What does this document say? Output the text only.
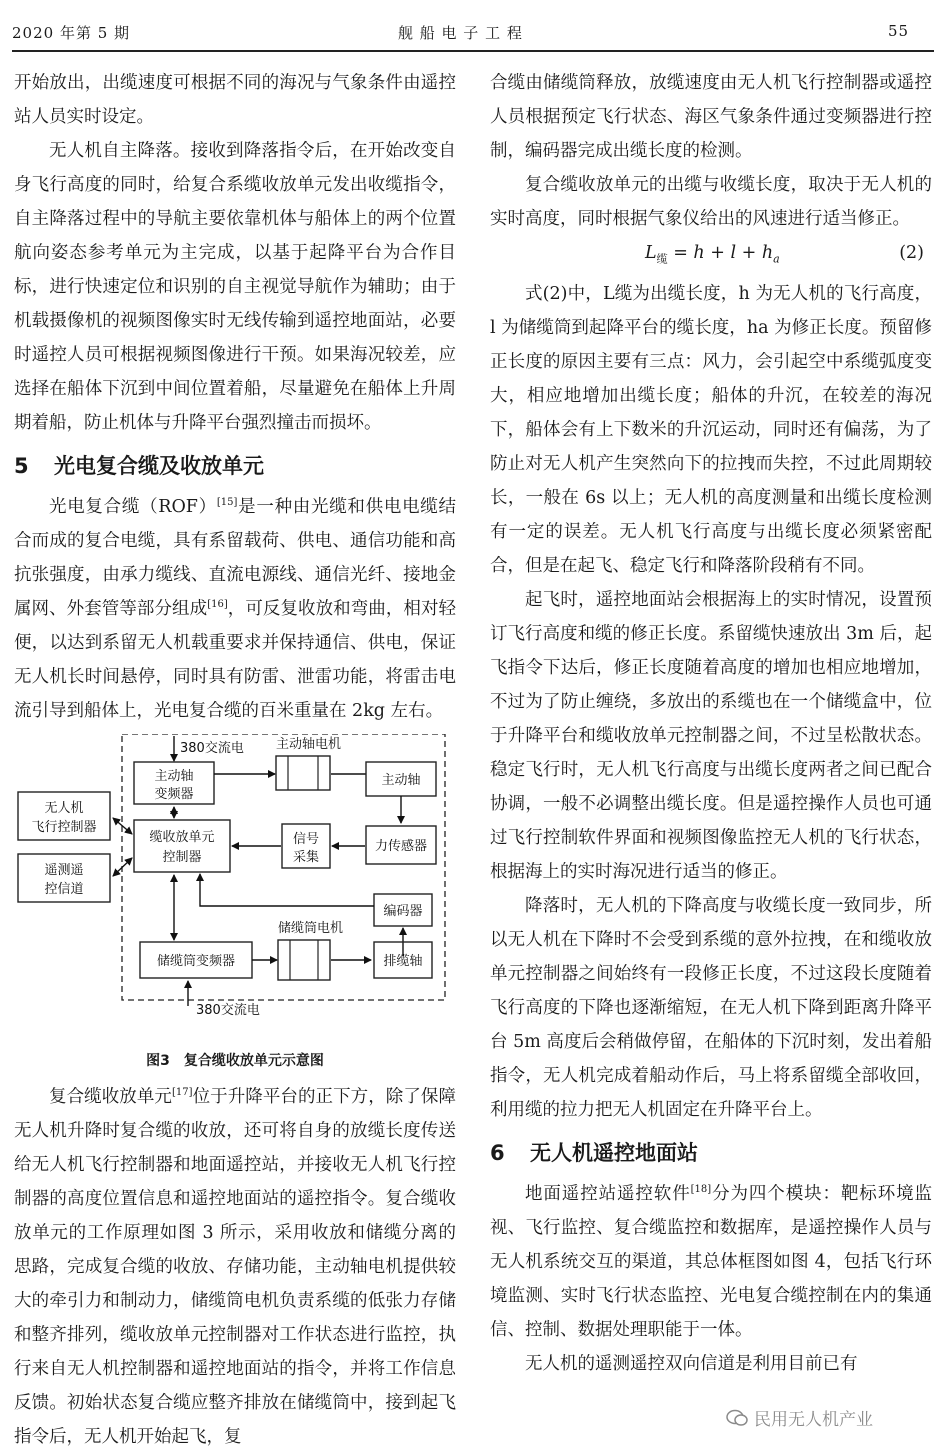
2020 年第 5 期	舰 船 电 子 工 程	55

开始放出，出缆速度可根据不同的海况与气象条件由遥控站人员实时设定。

无人机自主降落。接收到降落指令后，在开始改变自身飞行高度的同时，给复合系缆收放单元发出收缆指令，自主降落过程中的导航主要依靠机体与船体上的两个位置航向姿态参考单元为主完成，以基于起降平台为合作目标，进行快速定位和识别的自主视觉导航作为辅助；由于机载摄像机的视频图像实时无线传输到遥控地面站，必要时遥控人员可根据视频图像进行干预。如果海况较差，应选择在船体下沉到中间位置着船，尽量避免在船体上升周期着船，防止机体与升降平台强烈撞击而损坏。

5 光电复合缆及收放单元

光电复合缆（ROF）[15]是一种由光缆和供电电缆结合而成的复合电缆，具有系留载荷、供电、通信功能和高抗张强度，由承力缆线、直流电源线、通信光纤、接地金属网、外套管等部分组成[16]，可反复收放和弯曲，相对轻便，以达到系留无人机载重要求并保持通信、供电，保证无人机长时间悬停，同时具有防雷、泄雷功能，将雷击电流引导到船体上，光电复合缆的百米重量在 2kg 左右。

无人机
飞行控制器
遥测遥
控信道
主动轴
变频器
380交流电 主动轴电机
主动轴
缆收放单元
控制器
信号
采集
力传感器
编码器
储缆筒电机
储缆筒变频器	排缆轴
380交流电
图3　复合缆收放单元示意图

复合缆收放单元[17]位于升降平台的正下方，除了保障无人机升降时复合缆的收放，还可将自身的放缆长度传送给无人机飞行控制器和地面遥控站，并接收无人机飞行控制器的高度位置信息和遥控地面站的遥控指令。复合缆收放单元的工作原理如图 3 所示，采用收放和储缆分离的思路，完成复合缆的收放、存储功能，主动轴电机提供较大的牵引力和制动力，储缆筒电机负责系缆的低张力存储和整齐排列，缆收放单元控制器对工作状态进行监控，执行来自无人机控制器和遥控地面站的指令，并将工作信息反馈。初始状态复合缆应整齐排放在储缆筒中，接到起飞指令后，无人机开始起飞，复

合缆由储缆筒释放，放缆速度由无人机飞行控制器或遥控人员根据预定飞行状态、海区气象条件通过变频器进行控制，编码器完成出缆长度的检测。

复合缆收放单元的出缆与收缆长度，取决于无人机的实时高度，同时根据气象仪给出的风速进行适当修正。

$L_缆 = h + l + h_a$	(2)

式(2)中，L缆为出缆长度，h 为无人机的飞行高度，l 为储缆筒到起降平台的缆长度，ha 为修正长度。预留修正长度的原因主要有三点：风力，会引起空中系缆弧度变大，相应地增加出缆长度；船体的升沉，在较差的海况下，船体会有上下数米的升沉运动，同时还有偏荡，为了防止对无人机产生突然向下的拉拽而失控，不过此周期较长，一般在 6s 以上；无人机的高度测量和出缆长度检测有一定的误差。无人机飞行高度与出缆长度必须紧密配合，但是在起飞、稳定飞行和降落阶段稍有不同。

起飞时，遥控地面站会根据海上的实时情况，设置预订飞行高度和缆的修正长度。系留缆快速放出 3m 后，起飞指令下达后，修正长度随着高度的增加也相应地增加，不过为了防止缠绕，多放出的系缆也在一个储缆盒中，位于升降平台和缆收放单元控制器之间，不过呈松散状态。稳定飞行时，无人机飞行高度与出缆长度两者之间已配合协调，一般不必调整出缆长度。但是遥控操作人员也可通过飞行控制软件界面和视频图像监控无人机的飞行状态，根据海上的实时海况进行适当的修正。

降落时，无人机的下降高度与收缆长度一致同步，所以无人机在下降时不会受到系缆的意外拉拽，在和缆收放单元控制器之间始终有一段修正长度，不过这段长度随着飞行高度的下降也逐渐缩短，在无人机下降到距离升降平台 5m 高度后会稍做停留，在船体的下沉时刻，发出着船指令，无人机完成着船动作后，马上将系留缆全部收回，利用缆的拉力把无人机固定在升降平台上。

6 无人机遥控地面站

地面遥控站遥控软件[18]分为四个模块：靶标环境监视、飞行监控、复合缆监控和数据库，是遥控操作人员与无人机系统交互的渠道，其总体框图如图 4，包括飞行环境监测、实时飞行状态监控、光电复合缆控制在内的集通信、控制、数据处理职能于一体。

无人机的遥测遥控双向信道是利用目前已有

民用无人机产业
